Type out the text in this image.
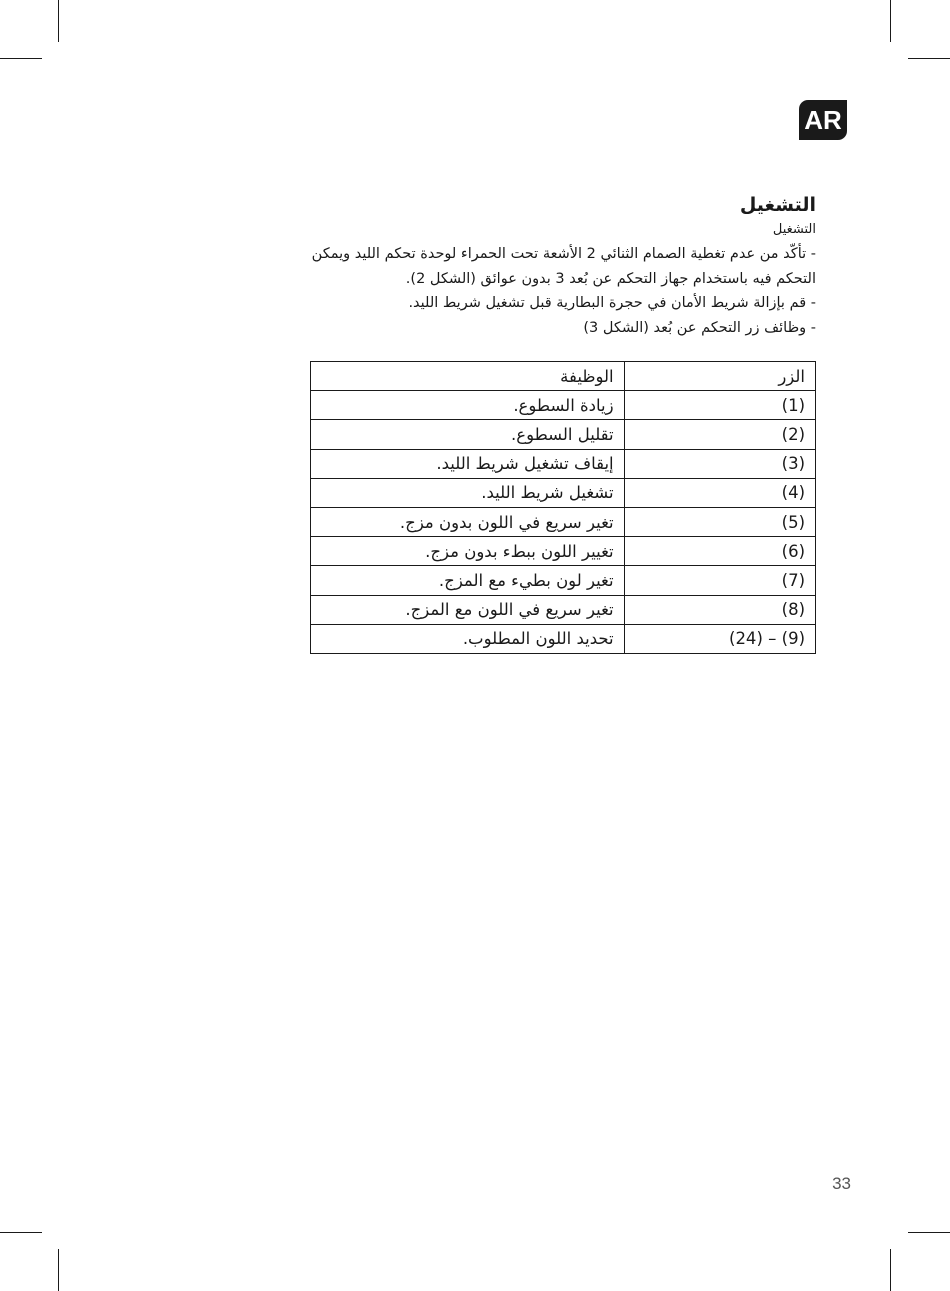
AR
التشغيل

التشغيل

- تأكّد من عدم تغطية الصمام الثنائي 2 الأشعة تحت الحمراء لوحدة تحكم الليد ويمكن التحكم فيه باستخدام جهاز التحكم عن بُعد 3 بدون عوائق (الشكل 2).

- قم بإزالة شريط الأمان في حجرة البطارية قبل تشغيل شريط الليد.

- وظائف زر التحكم عن بُعد (الشكل 3)

الزر	الوظيفة
(1)	زيادة السطوع.
(2)	تقليل السطوع.
(3)	إيقاف تشغيل شريط الليد.
(4)	تشغيل شريط الليد.
(5)	تغير سريع في اللون بدون مزج.
(6)	تغيير اللون ببطء بدون مزج.
(7)	تغير لون بطيء مع المزج.
(8)	تغير سريع في اللون مع المزج.
(9) – (24)	تحديد اللون المطلوب.
33
